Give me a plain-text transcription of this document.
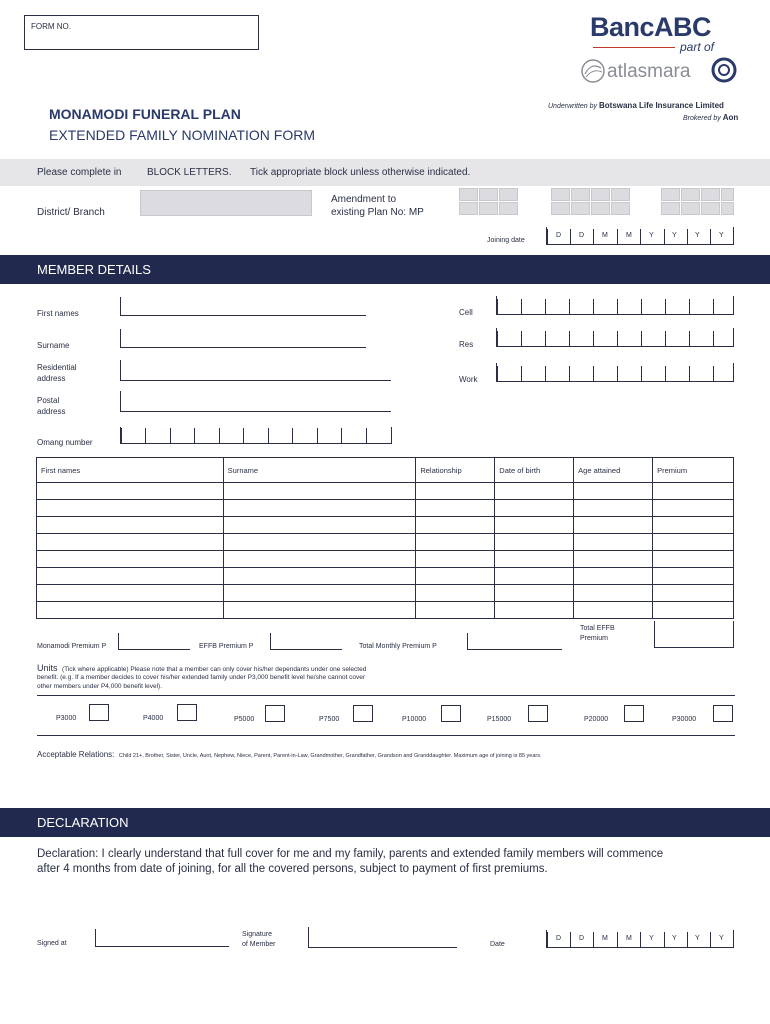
FORM NO.	BancABC
part of
atlasmara
MONAMODI FUNERAL PLAN
EXTENDED FAMILY NOMINATION FORM
Underwritten by Botswana Life Insurance Limited
Brokered by Aon
Please complete in	BLOCK LETTERS. Tick appropriate block unless otherwise indicated.
District/ Branch
Amendment to
existing Plan No: MP
Joining date
D	D	M	M Y	Y	Y	Y
MEMBER DETAILS
First names
Surname
Residential
address
Postal
address
Omang number
Cell
Res
Work
First names	Surname	Relationship	Date of birth	Age attained	Premium

Total EFFB
Premium
Monamodi Premium P	EFFB Premium P	Total Monthly Premium P
Units (Tick where applicable) Please note that a member can only cover his/her dependants under one selected
benefit. (e.g. If a member decides to cover his/her extended family under P3,000 benefit level he/she cannot cover
other members under P4,000 benefit level).
P3000	P4000	P5000	P7500	P10000	P15000	P20000	P30000
Acceptable Relations: Child 21+, Brother, Sister, Uncle, Aunt, Nephew, Niece, Parent, Parent-in-Law, Grandmother, Grandfather, Grandson and Granddaughter. Maximum age of joining is 85 years.
DECLARATION
Declaration: I clearly understand that full cover for me and my family, parents and extended family members will commence
after 4 months from date of joining, for all the covered persons, subject to payment of first premiums.
Signed at
Signature
of Member	Date
D	D	M	M Y	Y	Y	Y
